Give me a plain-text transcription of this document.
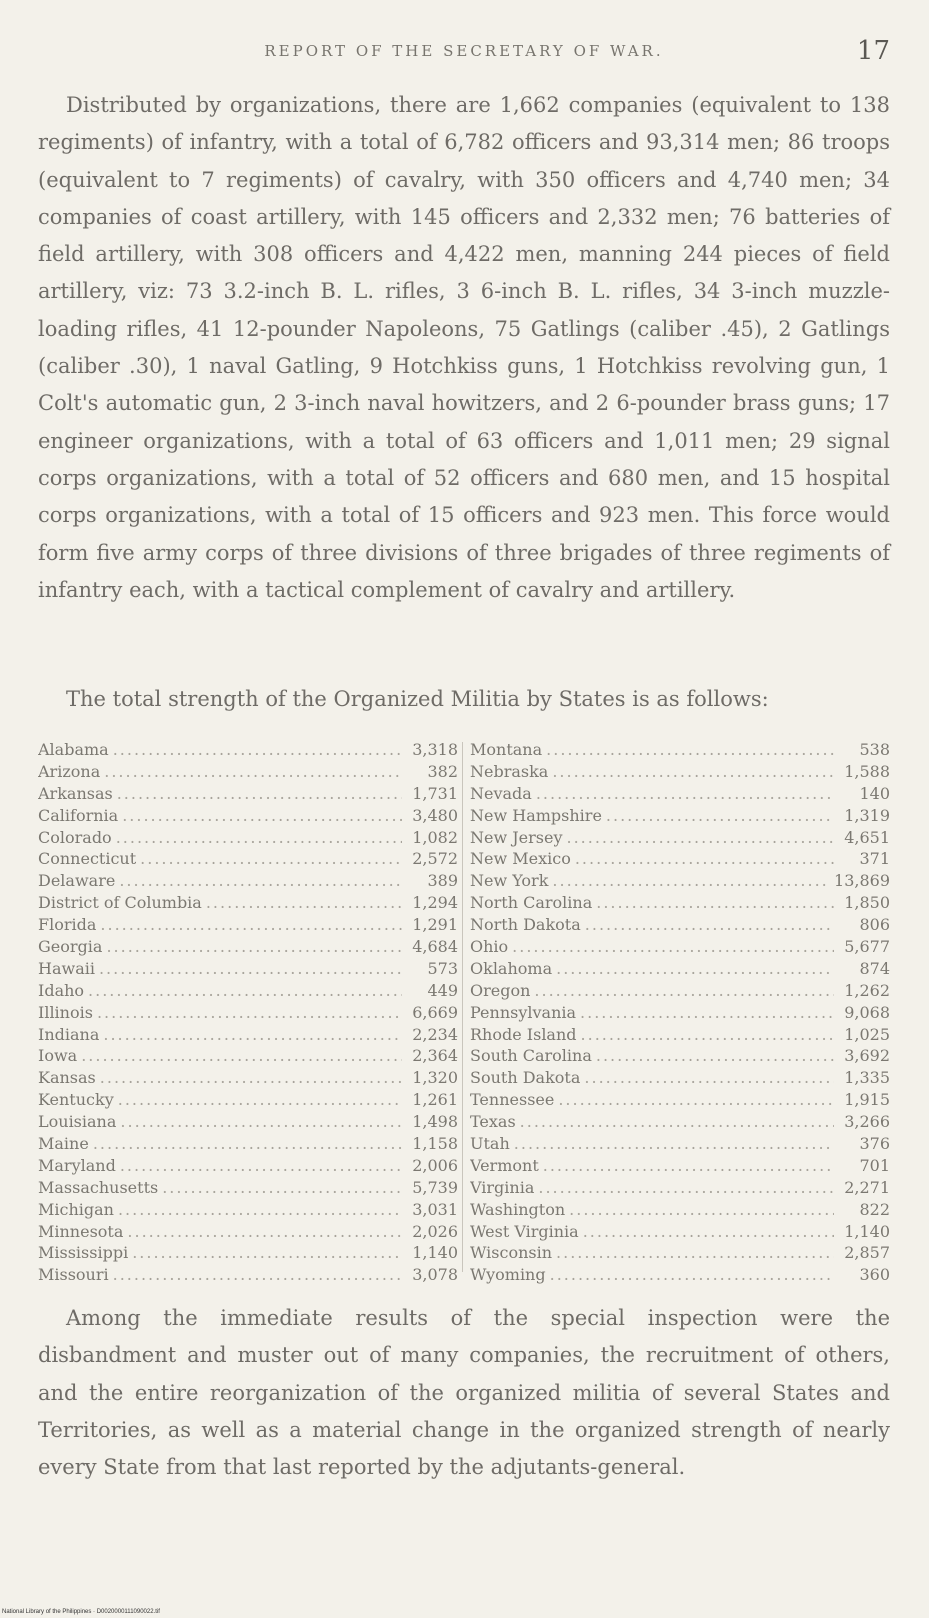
REPORT OF THE SECRETARY OF WAR.	17

Distributed by organizations, there are 1,662 companies (equivalent to 138 regiments) of infantry, with a total of 6,782 officers and 93,314 men; 86 troops (equivalent to 7 regiments) of cavalry, with 350 officers and 4,740 men; 34 companies of coast artillery, with 145 officers and 2,332 men; 76 batteries of field artillery, with 308 officers and 4,422 men, manning 244 pieces of field artillery, viz: 73 3.2-inch B. L. rifles, 3 6-inch B. L. rifles, 34 3-inch muzzle-loading rifles, 41 12-pounder Napoleons, 75 Gatlings (caliber .45), 2 Gatlings (caliber .30), 1 naval Gatling, 9 Hotchkiss guns, 1 Hotchkiss revolving gun, 1 Colt's automatic gun, 2 3-inch naval howitzers, and 2 6-pounder brass guns; 17 engineer organizations, with a total of 63 officers and 1,011 men; 29 signal corps organizations, with a total of 52 officers and 680 men, and 15 hospital corps organizations, with a total of 15 officers and 923 men. This force would form five army corps of three divisions of three brigades of three regiments of infantry each, with a tactical complement of cavalry and artillery.

The total strength of the Organized Militia by States is as follows:

Alabama .....	3,318
Arizona .....	382
Arkansas .....	1,731
California .....	3,480
Colorado .....	1,082
Connecticut .....	2,572
Delaware .....	389
District of Columbia .....	1,294
Florida .....	1,291
Georgia .....	4,684
Hawaii .....	573
Idaho .....	449
Illinois .....	6,669
Indiana .....	2,234
Iowa .....	2,364
Kansas .....	1,320
Kentucky .....	1,261
Louisiana .....	1,498
Maine .....	1,158
Maryland .....	2,006
Massachusetts .....	5,739
Michigan .....	3,031
Minnesota .....	2,026
Mississippi .....	1,140
Missouri .....	3,078
Montana .....	538
Nebraska .....	1,588
Nevada .....	140
New Hampshire .....	1,319
New Jersey .....	4,651
New Mexico .....	371
New York .....	13,869
North Carolina .....	1,850
North Dakota .....	806
Ohio .....	5,677
Oklahoma .....	874
Oregon .....	1,262
Pennsylvania .....	9,068
Rhode Island .....	1,025
South Carolina .....	3,692
South Dakota .....	1,335
Tennessee .....	1,915
Texas .....	3,266
Utah .....	376
Vermont .....	701
Virginia .....	2,271
Washington .....	822
West Virginia .....	1,140
Wisconsin .....	2,857
Wyoming .....	360

Among the immediate results of the special inspection were the disbandment and muster out of many companies, the recruitment of others, and the entire reorganization of the organized militia of several States and Territories, as well as a material change in the organized strength of nearly every State from that last reported by the adjutants-general.

National Library of the Philippines · D0020000111090022.tif
